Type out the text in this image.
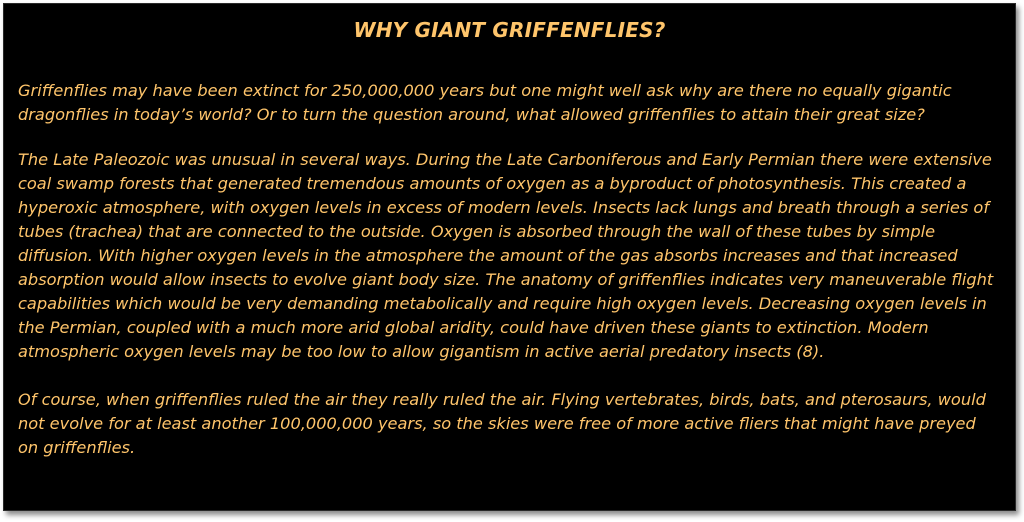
WHY GIANT GRIFFENFLIES?

Griffenflies may have been extinct for 250,000,000 years but one might well ask why are there no equally gigantic dragonflies in today’s world? Or to turn the question around, what allowed griffenflies to attain their great size?

The Late Paleozoic was unusual in several ways. During the Late Carboniferous and Early Permian there were extensive coal swamp forests that generated tremendous amounts of oxygen as a byproduct of photosynthesis. This created a hyperoxic atmosphere, with oxygen levels in excess of modern levels. Insects lack lungs and breath through a series of tubes (trachea) that are connected to the outside. Oxygen is absorbed through the wall of these tubes by simple diffusion. With higher oxygen levels in the atmosphere the amount of the gas absorbs increases and that increased absorption would allow insects to evolve giant body size. The anatomy of griffenflies indicates very maneuverable flight capabilities which would be very demanding metabolically and require high oxygen levels. Decreasing oxygen levels in the Permian, coupled with a much more arid global aridity, could have driven these giants to extinction. Modern atmospheric oxygen levels may be too low to allow gigantism in active aerial predatory insects (8).

Of course, when griffenflies ruled the air they really ruled the air. Flying vertebrates, birds, bats, and pterosaurs, would not evolve for at least another 100,000,000 years, so the skies were free of more active fliers that might have preyed on griffenflies.
